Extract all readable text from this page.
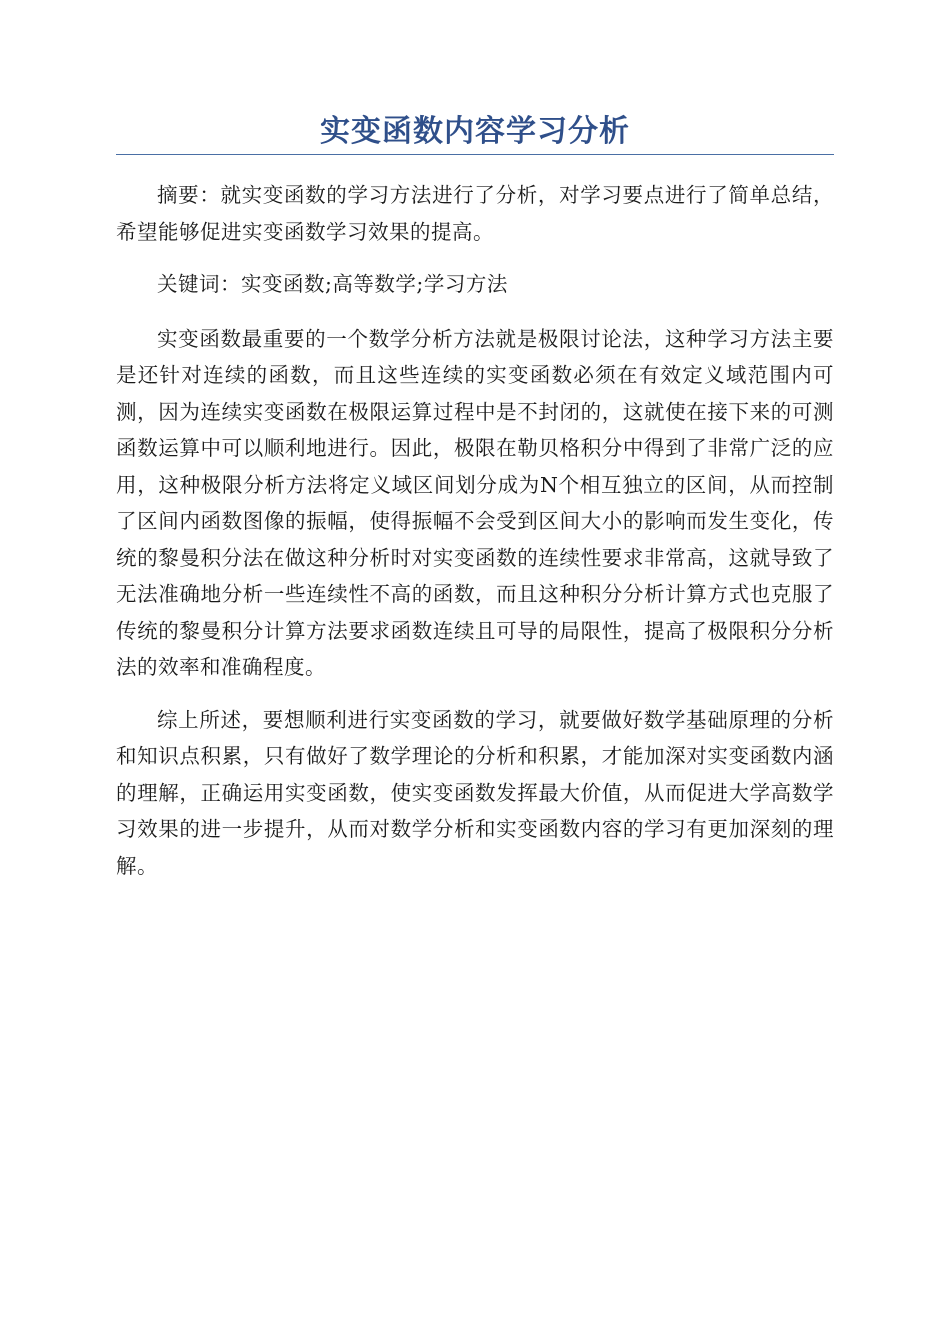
实变函数内容学习分析

摘要：就实变函数的学习方法进行了分析，对学习要点进行了简单总结，希望能够促进实变函数学习效果的提高。

关键词：实变函数;高等数学;学习方法

实变函数最重要的一个数学分析方法就是极限讨论法，这种学习方法主要是还针对连续的函数，而且这些连续的实变函数必须在有效定义域范围内可测，因为连续实变函数在极限运算过程中是不封闭的，这就使在接下来的可测函数运算中可以顺利地进行。因此，极限在勒贝格积分中得到了非常广泛的应用，这种极限分析方法将定义域区间划分成为N个相互独立的区间，从而控制了区间内函数图像的振幅，使得振幅不会受到区间大小的影响而发生变化，传统的黎曼积分法在做这种分析时对实变函数的连续性要求非常高，这就导致了无法准确地分析一些连续性不高的函数，而且这种积分分析计算方式也克服了传统的黎曼积分计算方法要求函数连续且可导的局限性，提高了极限积分分析法的效率和准确程度。

综上所述，要想顺利进行实变函数的学习，就要做好数学基础原理的分析和知识点积累，只有做好了数学理论的分析和积累，才能加深对实变函数内涵的理解，正确运用实变函数，使实变函数发挥最大价值，从而促进大学高数学习效果的进一步提升，从而对数学分析和实变函数内容的学习有更加深刻的理解。
